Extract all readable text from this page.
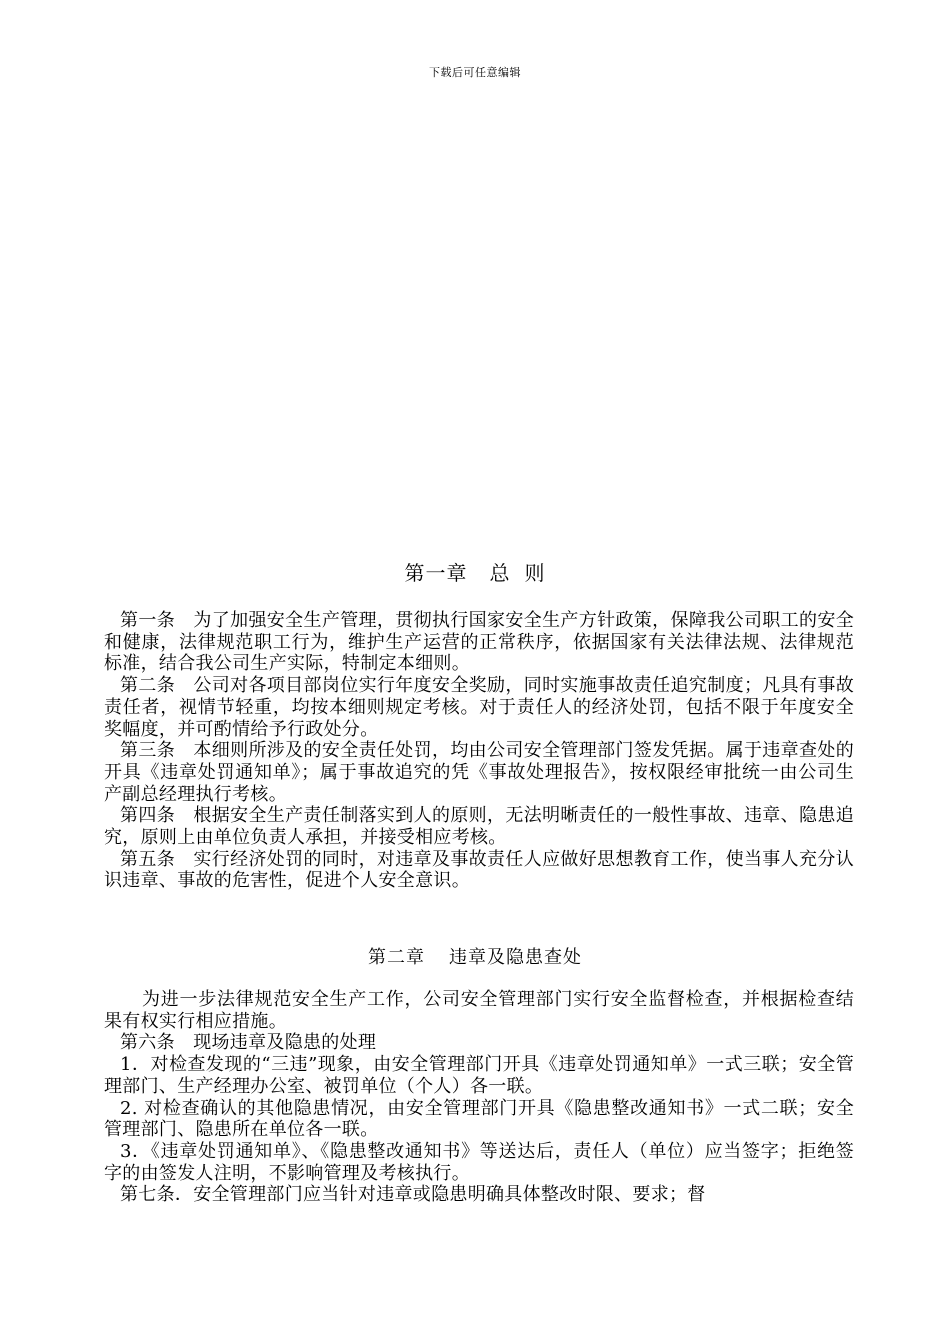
下载后可任意编辑
第一章 总 则

第一条　为了加强安全生产管理，贯彻执行国家安全生产方针政策，保障我公司职工的安全和健康，法律规范职工行为，维护生产运营的正常秩序，依据国家有关法律法规、法律规范标准，结合我公司生产实际，特制定本细则。

第二条　公司对各项目部岗位实行年度安全奖励，同时实施事故责任追究制度；凡具有事故责任者，视情节轻重，均按本细则规定考核。对于责任人的经济处罚，包括不限于年度安全奖幅度，并可酌情给予行政处分。

第三条　本细则所涉及的安全责任处罚，均由公司安全管理部门签发凭据。属于违章查处的开具《违章处罚通知单》；属于事故追究的凭《事故处理报告》，按权限经审批统一由公司生产副总经理执行考核。

第四条　根据安全生产责任制落实到人的原则，无法明晰责任的一般性事故、违章、隐患追究，原则上由单位负责人承担，并接受相应考核。

第五条　实行经济处罚的同时，对违章及事故责任人应做好思想教育工作，使当事人充分认识违章、事故的危害性，促进个人安全意识。

第二章 违章及隐患查处

为进一步法律规范安全生产工作，公司安全管理部门实行安全监督检查，并根据检查结果有权实行相应措施。

第六条　现场违章及隐患的处理

1．对检查发现的“三违”现象，由安全管理部门开具《违章处罚通知单》一式三联；安全管理部门、生产经理办公室、被罚单位（个人）各一联。

2. 对检查确认的其他隐患情况，由安全管理部门开具《隐患整改通知书》一式二联；安全管理部门、隐患所在单位各一联。

3．《违章处罚通知单》、《隐患整改通知书》等送达后，责任人（单位）应当签字；拒绝签字的由签发人注明，不影响管理及考核执行。

第七条．安全管理部门应当针对违章或隐患明确具体整改时限、要求；督
